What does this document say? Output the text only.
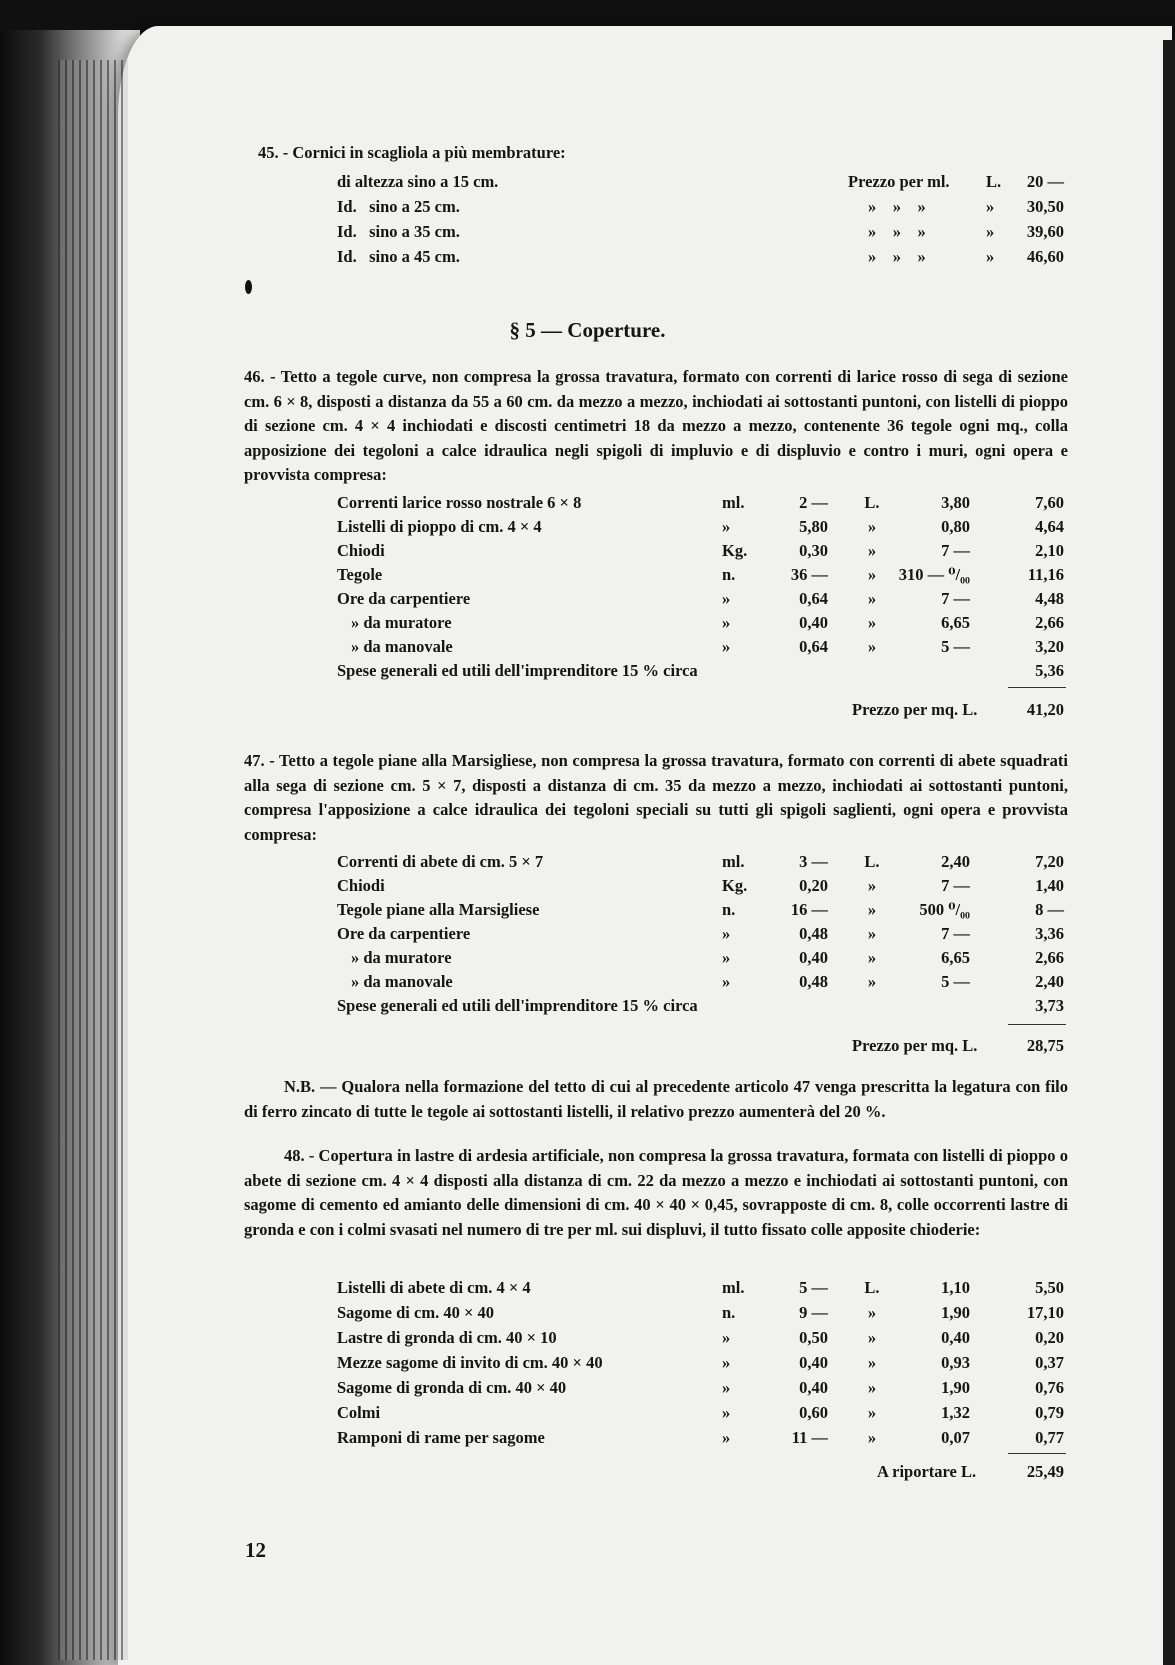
45. - Cornici in scagliola a più membrature:
di altezza sino a 15 cm. . . .	Prezzo per ml. L.	20 —
Id.   sino a 25 cm. . . .	»    »    »	»	30,50
Id.   sino a 35 cm. . . .	»    »    »	»	39,60
Id.   sino a 45 cm. . . .	»    »    »	»	46,60
§ 5 — Coperture.
46. - Tetto a tegole curve, non compresa la grossa travatura, formato con correnti di larice rosso di sega di sezione cm. 6 × 8, disposti a distanza da 55 a 60 cm. da mezzo a mezzo, inchiodati ai sottostanti puntoni, con listelli di pioppo di sezione cm. 4 × 4 inchiodati e discosti centimetri 18 da mezzo a mezzo, contenente 36 tegole ogni mq., colla apposizione dei tegoloni a calce idraulica negli spigoli di impluvio e di displuvio e contro i muri, ogni opera e provvista compresa:
Correnti larice rosso nostrale 6 × 8 . . .	ml.	2 — L.	3,80	7,60
Listelli di pioppo di cm. 4 × 4 . . .	»	5,80	»	0,80	4,64
Chiodi . . .	Kg.	0,30	»	7 —	2,10
Tegole . . .	n.	36 —	»	310 — ⁰/₀₀	11,16
Ore da carpentiere . . .	»	0,64	»	7 —	4,48
» da muratore . . .	»	0,40	»	6,65	2,66
» da manovale . . .	»	0,64	»	5 —	3,20
Spese generali ed utili dell'imprenditore 15 % circa . . .	5,36
Prezzo per mq. L.	41,20
47. - Tetto a tegole piane alla Marsigliese, non compresa la grossa travatura, formato con correnti di abete squadrati alla sega di sezione cm. 5 × 7, disposti a distanza di cm. 35 da mezzo a mezzo, inchiodati ai sottostanti puntoni, compresa l'apposizione a calce idraulica dei tegoloni speciali su tutti gli spigoli saglienti, ogni opera e provvista compresa:
Correnti di abete di cm. 5 × 7 . . .	ml.	3 — L.	2,40	7,20
Chiodi . . .	Kg.	0,20	»	7 —	1,40
Tegole piane alla Marsigliese . . .	n.	16 —	»	500 ⁰/₀₀	8 —
Ore da carpentiere . . .	»	0,48	»	7 —	3,36
» da muratore . . .	»	0,40	»	6,65	2,66
» da manovale . . .	»	0,48	»	5 —	2,40
Spese generali ed utili dell'imprenditore 15 % circa . . .	3,73
Prezzo per mq. L.	28,75
N.B. — Qualora nella formazione del tetto di cui al precedente articolo 47 venga prescritta la legatura con filo di ferro zincato di tutte le tegole ai sottostanti listelli, il relativo prezzo aumenterà del 20 %.
48. - Copertura in lastre di ardesia artificiale, non compresa la grossa travatura, formata con listelli di pioppo o abete di sezione cm. 4 × 4 disposti alla distanza di cm. 22 da mezzo a mezzo e inchiodati ai sottostanti puntoni, con sagome di cemento ed amianto delle dimensioni di cm. 40 × 40 × 0,45, sovrapposte di cm. 8, colle occorrenti lastre di gronda e con i colmi svasati nel numero di tre per ml. sui displuvi, il tutto fissato colle apposite chioderie:
Listelli di abete di cm. 4 × 4 . . .	ml.	5 — L.	1,10	5,50
Sagome di cm. 40 × 40 . . .	n.	9 —	»	1,90	17,10
Lastre di gronda di cm. 40 × 10 . . .	»	0,50	»	0,40	0,20
Mezze sagome di invito di cm. 40 × 40 . . .	»	0,40	»	0,93	0,37
Sagome di gronda di cm. 40 × 40 . . .	»	0,40	»	1,90	0,76
Colmi . . .	»	0,60	»	1,32	0,79
Ramponi di rame per sagome . . .	»	11 —	»	0,07	0,77
A riportare L.	25,49
12
